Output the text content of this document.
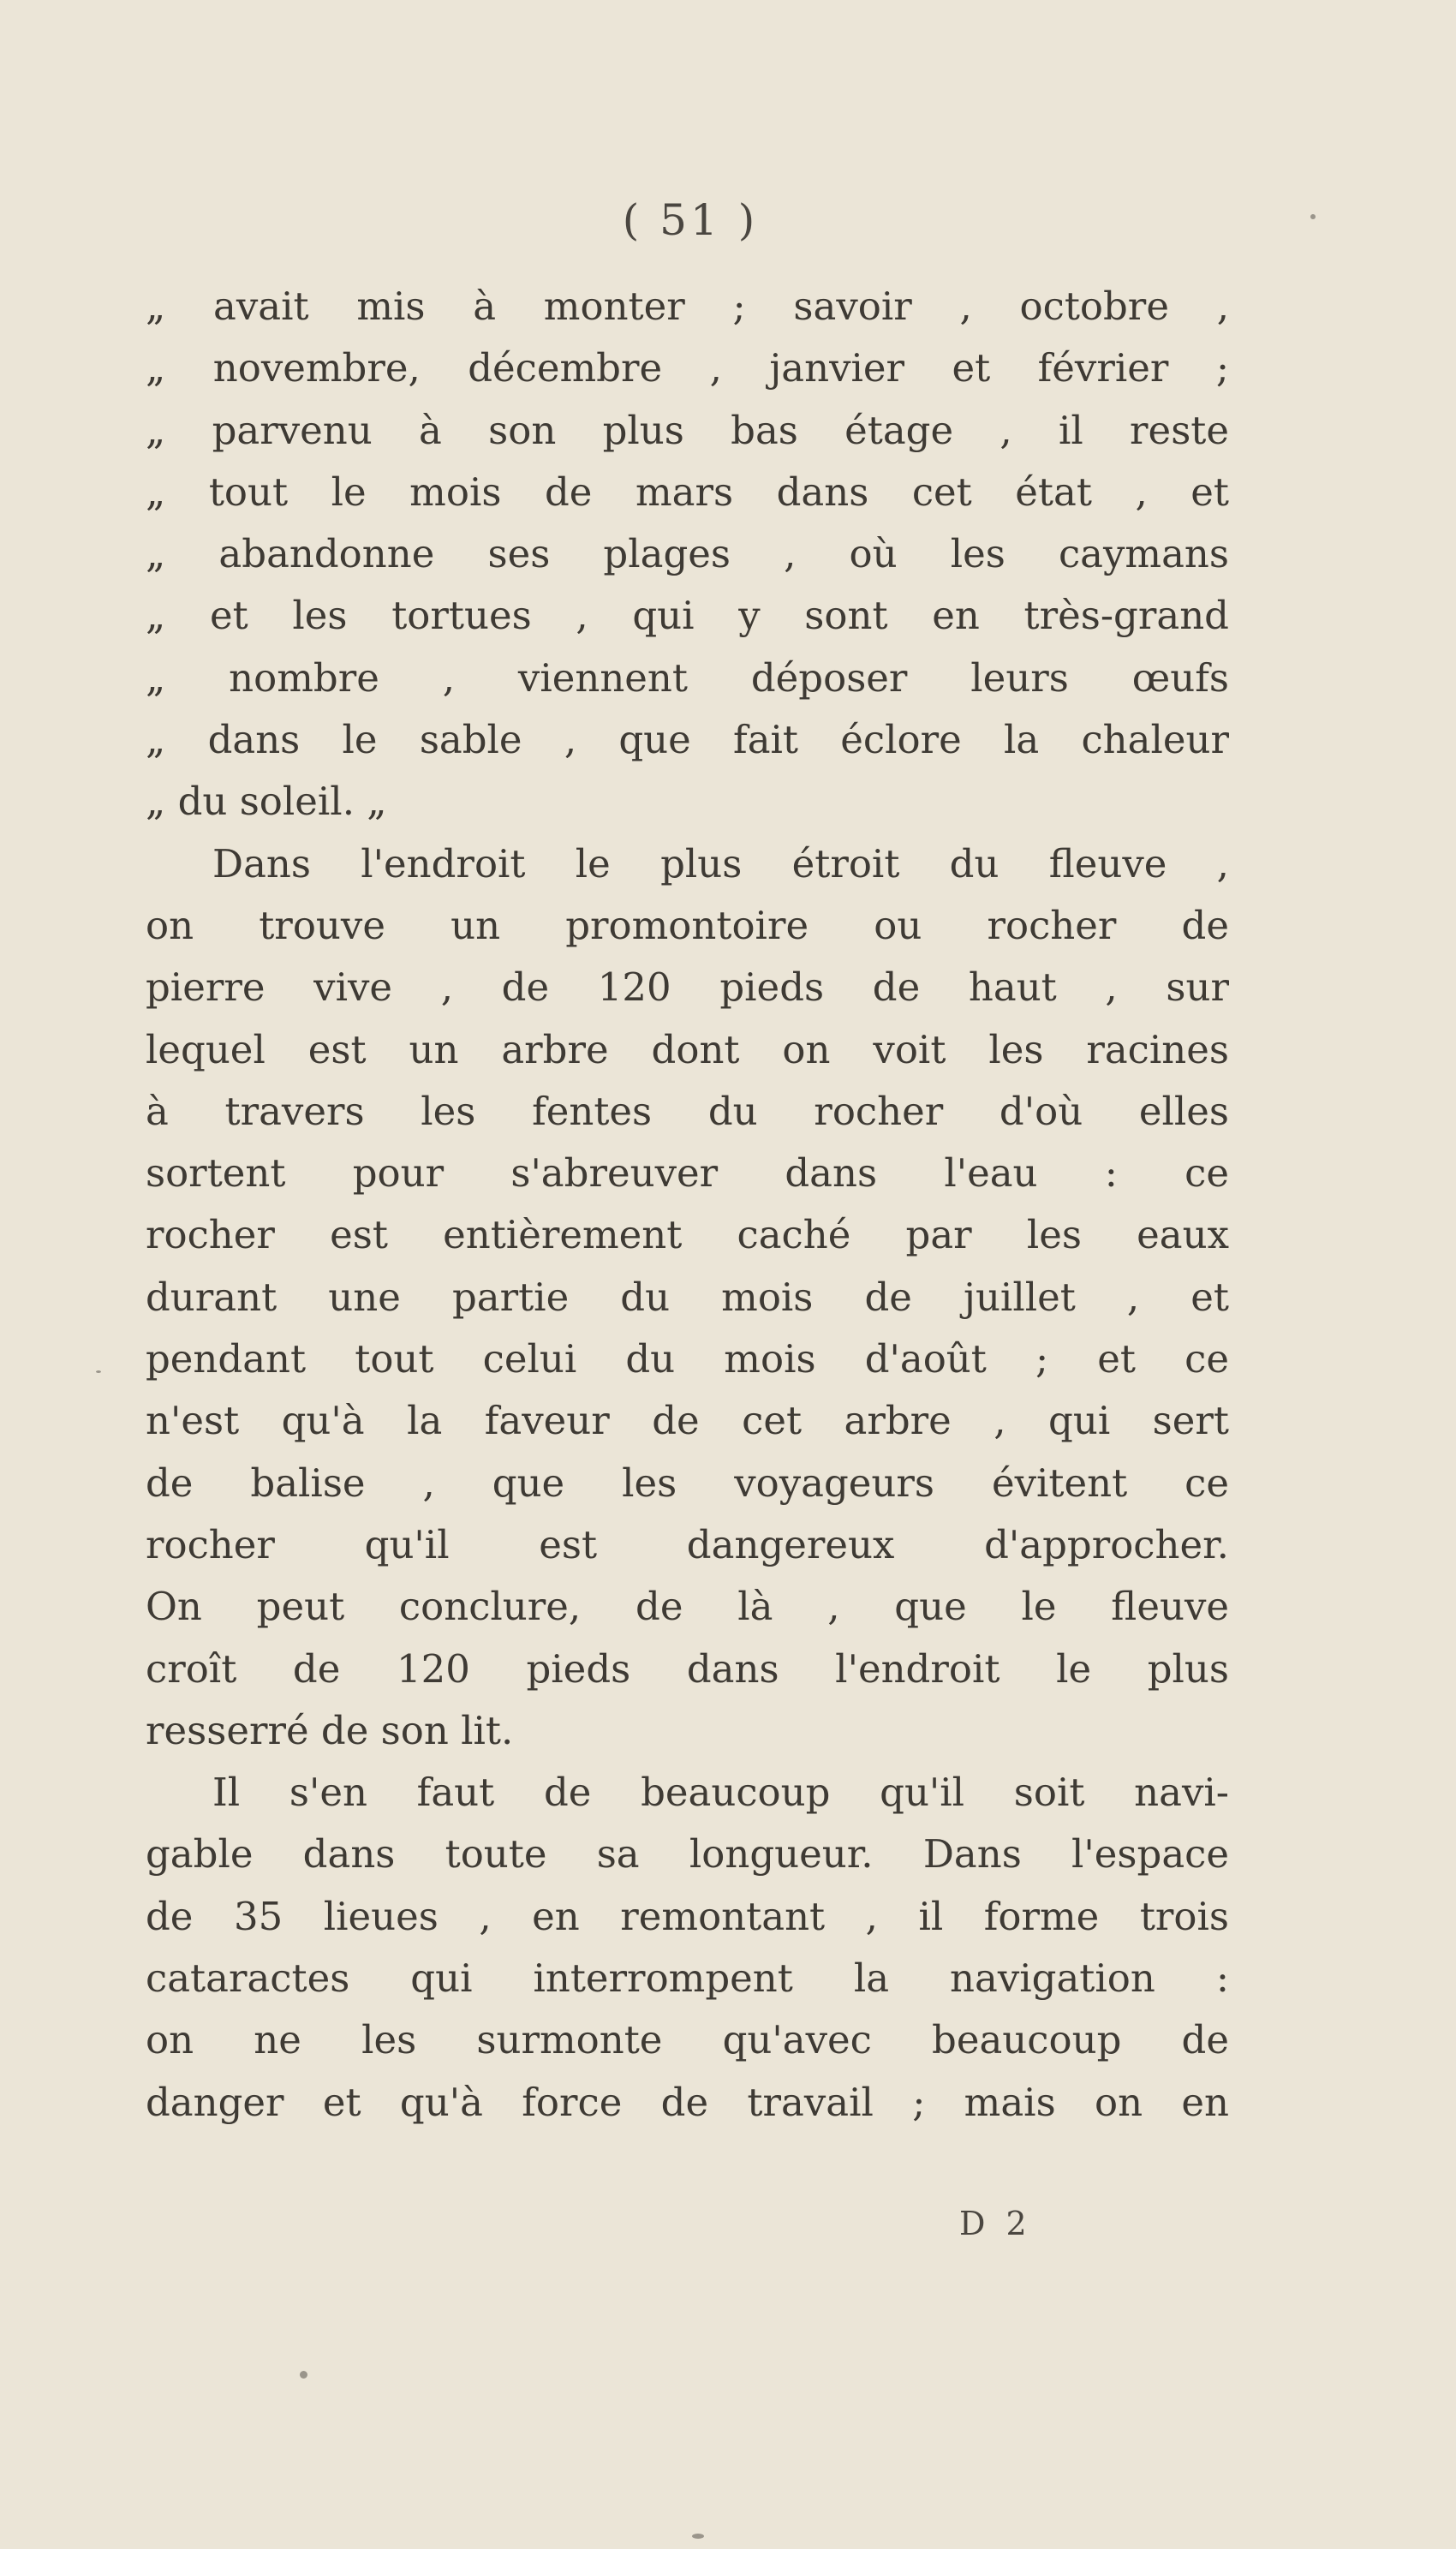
( 51 )
„ avait mis à monter ; savoir , octobre ,
„ novembre, décembre , janvier et février ;
„ parvenu à son plus bas étage , il reste
„ tout le mois de mars dans cet état , et
„ abandonne ses plages , où les caymans
„ et les tortues , qui y sont en très-grand
„ nombre , viennent déposer leurs œufs
„ dans le sable , que fait éclore la chaleur
„ du soleil. „
Dans l'endroit le plus étroit du fleuve ,
on trouve un promontoire ou rocher de
pierre vive , de 120 pieds de haut , sur
lequel est un arbre dont on voit les racines
à travers les fentes du rocher d'où elles
sortent pour s'abreuver dans l'eau : ce
rocher est entièrement caché par les eaux
durant une partie du mois de juillet , et
pendant tout celui du mois d'août ; et ce
n'est qu'à la faveur de cet arbre , qui sert
de balise , que les voyageurs évitent ce
rocher qu'il est dangereux d'approcher.
On peut conclure, de là , que le fleuve
croît de 120 pieds dans l'endroit le plus
resserré de son lit.
Il s'en faut de beaucoup qu'il soit navi-
gable dans toute sa longueur. Dans l'espace
de 35 lieues , en remontant , il forme trois
cataractes qui interrompent la navigation :
on ne les surmonte qu'avec beaucoup de
danger et qu'à force de travail ; mais on en
D 2
